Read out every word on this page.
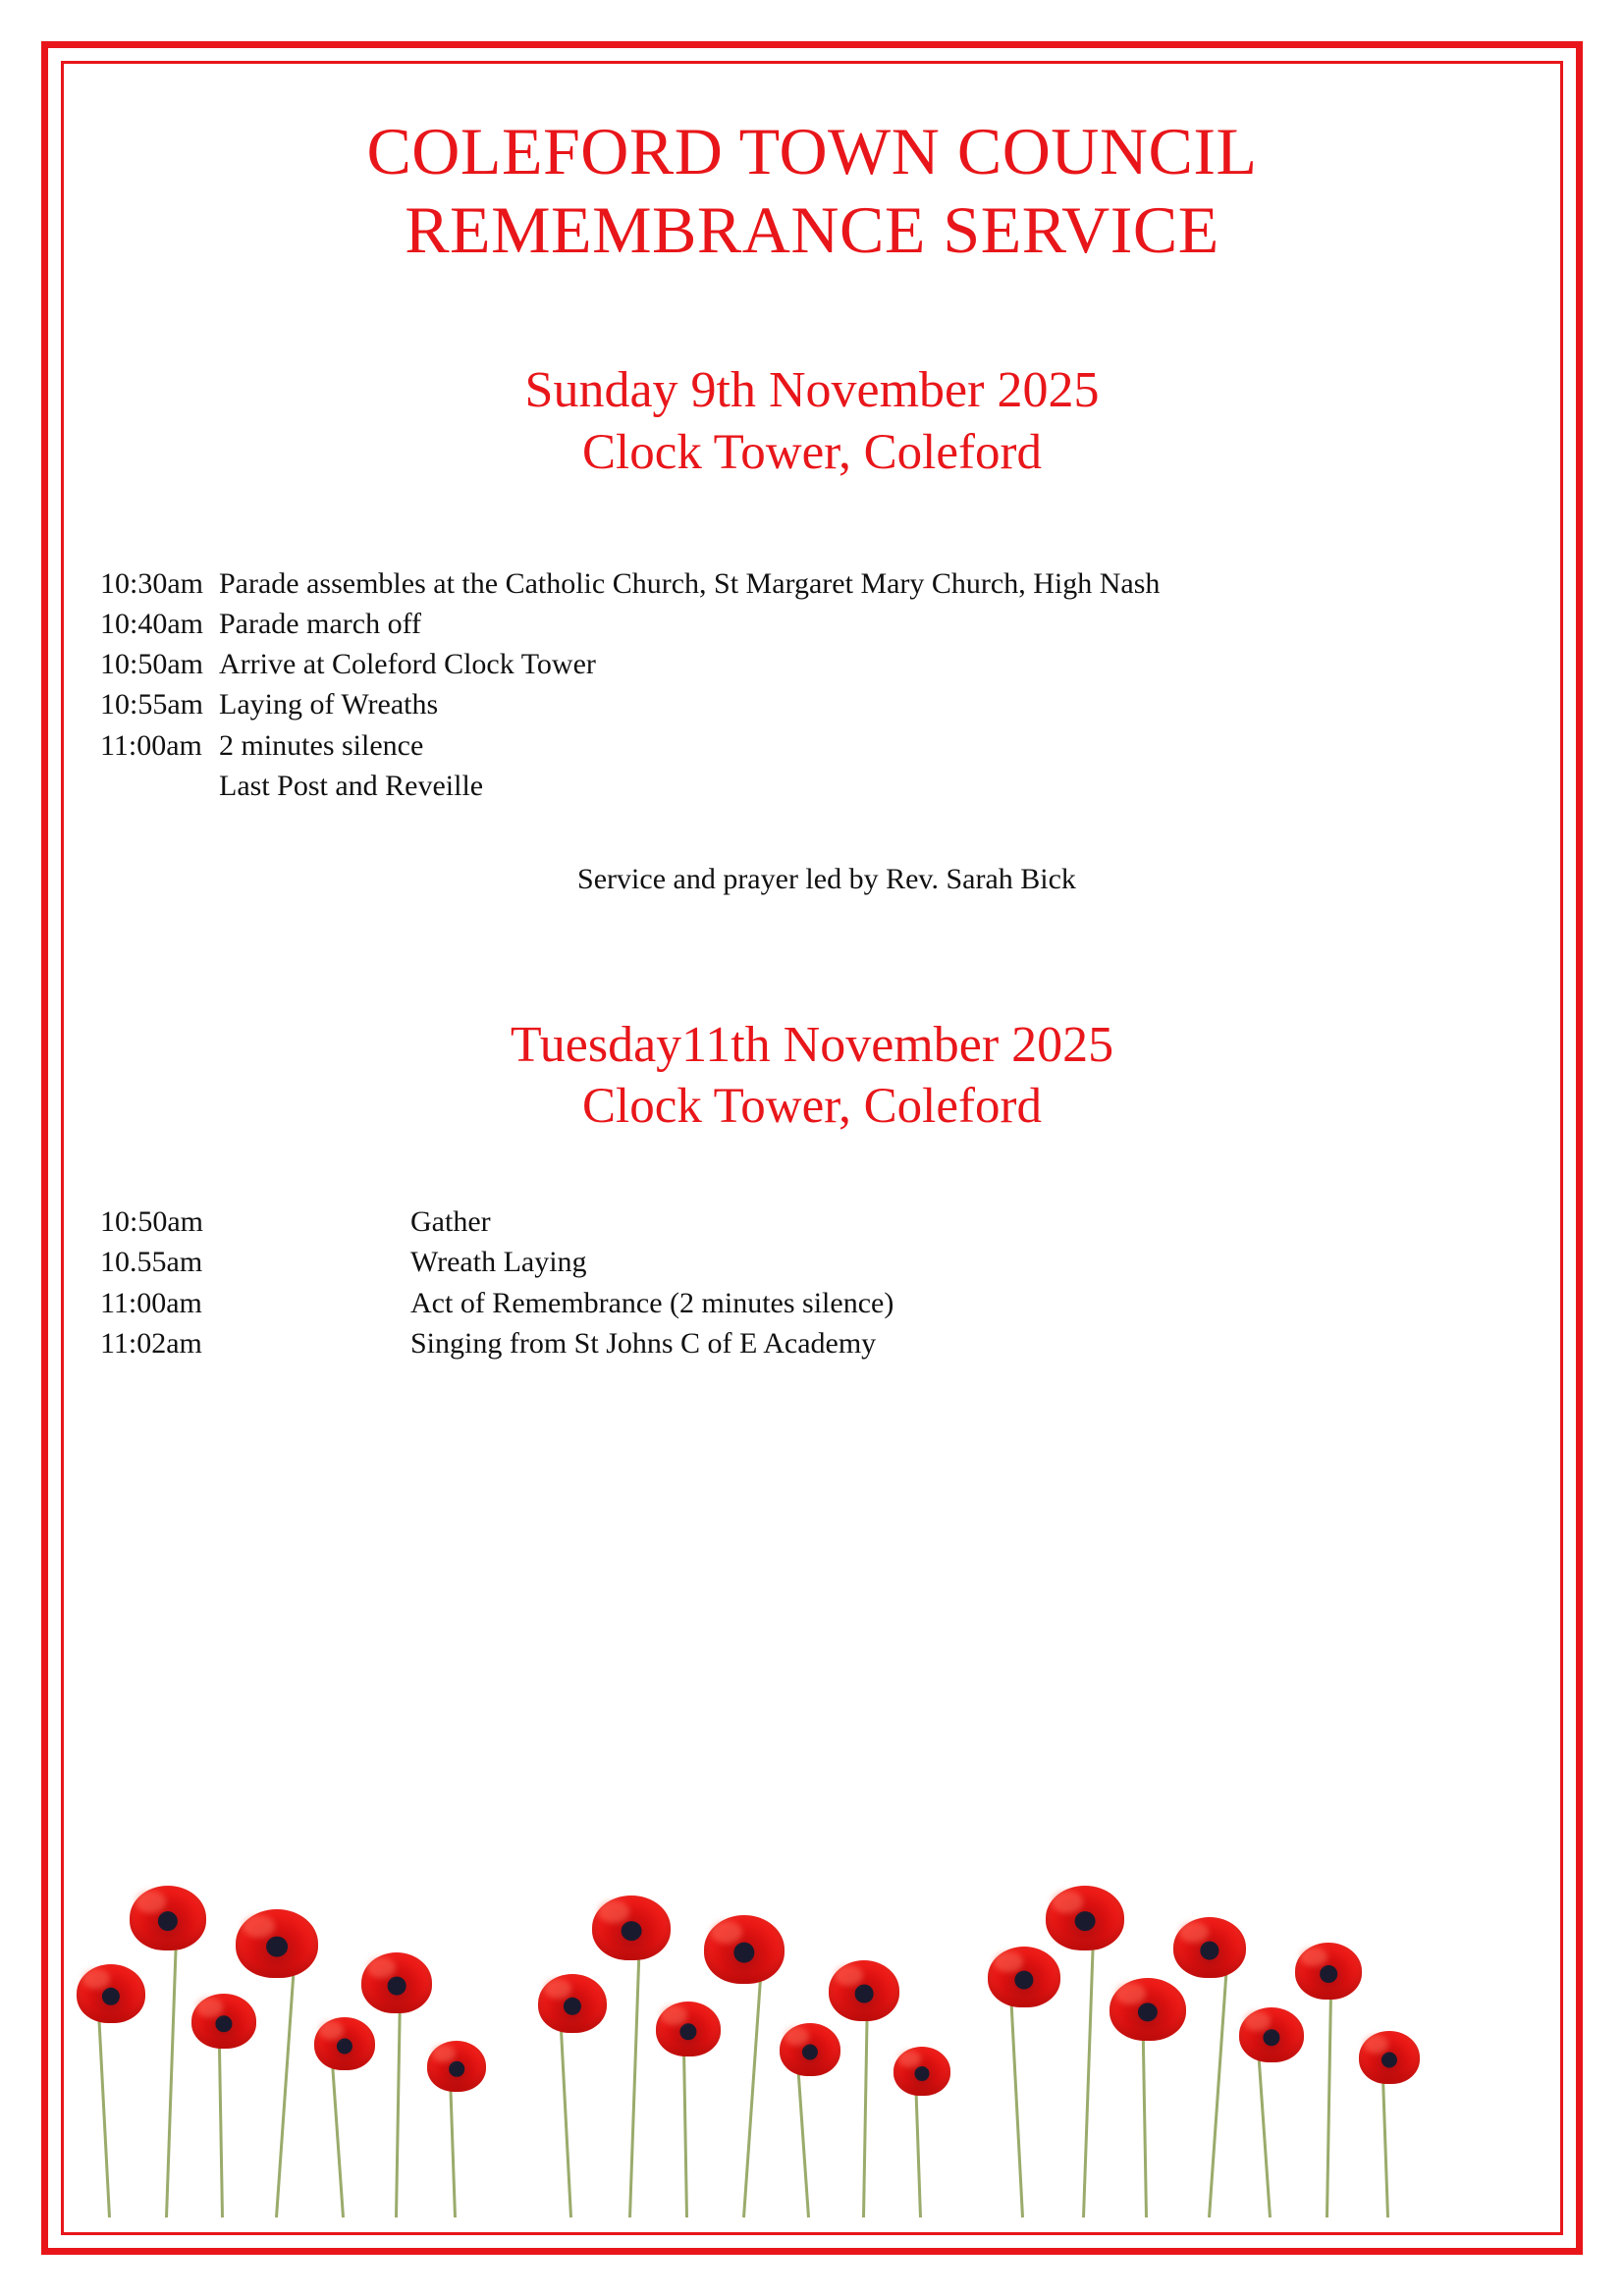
COLEFORD TOWN COUNCIL
REMEMBRANCE SERVICE
Sunday 9th November 2025
Clock Tower, Coleford
10:30am	Parade assembles at the Catholic Church, St Margaret Mary Church, High Nash
10:40am	Parade march off
10:50am	Arrive at Coleford Clock Tower
10:55am	Laying of Wreaths
11:00am	2 minutes silence
	Last Post and Reveille
Service and prayer led by Rev. Sarah Bick
Tuesday11th November 2025
Clock Tower, Coleford
10:50am	Gather
10.55am	Wreath Laying
11:00am	Act of Remembrance (2 minutes silence)
11:02am	Singing from St Johns C of E Academy
